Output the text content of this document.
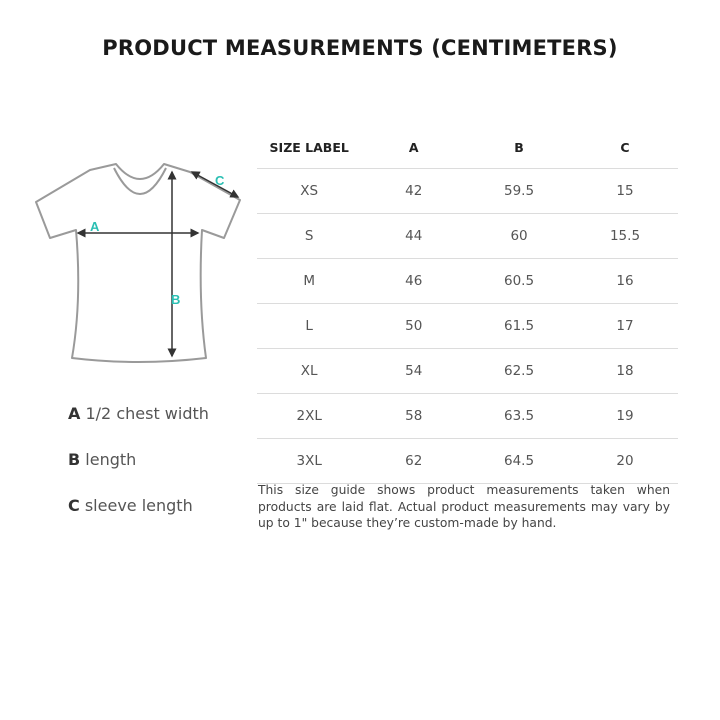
PRODUCT MEASUREMENTS (CENTIMETERS)
A
B
C
A 1/2 chest width
B length
C sleeve length
SIZE LABEL	A	B	C
XS	42	59.5	15
S	44	60	15.5
M	46	60.5	16
L	50	61.5	17
XL	54	62.5	18
2XL	58	63.5	19
3XL	62	64.5	20
This size guide shows product measurements taken when products are laid flat. Actual product measurements may vary by up to 1" because they’re custom-made by hand.
